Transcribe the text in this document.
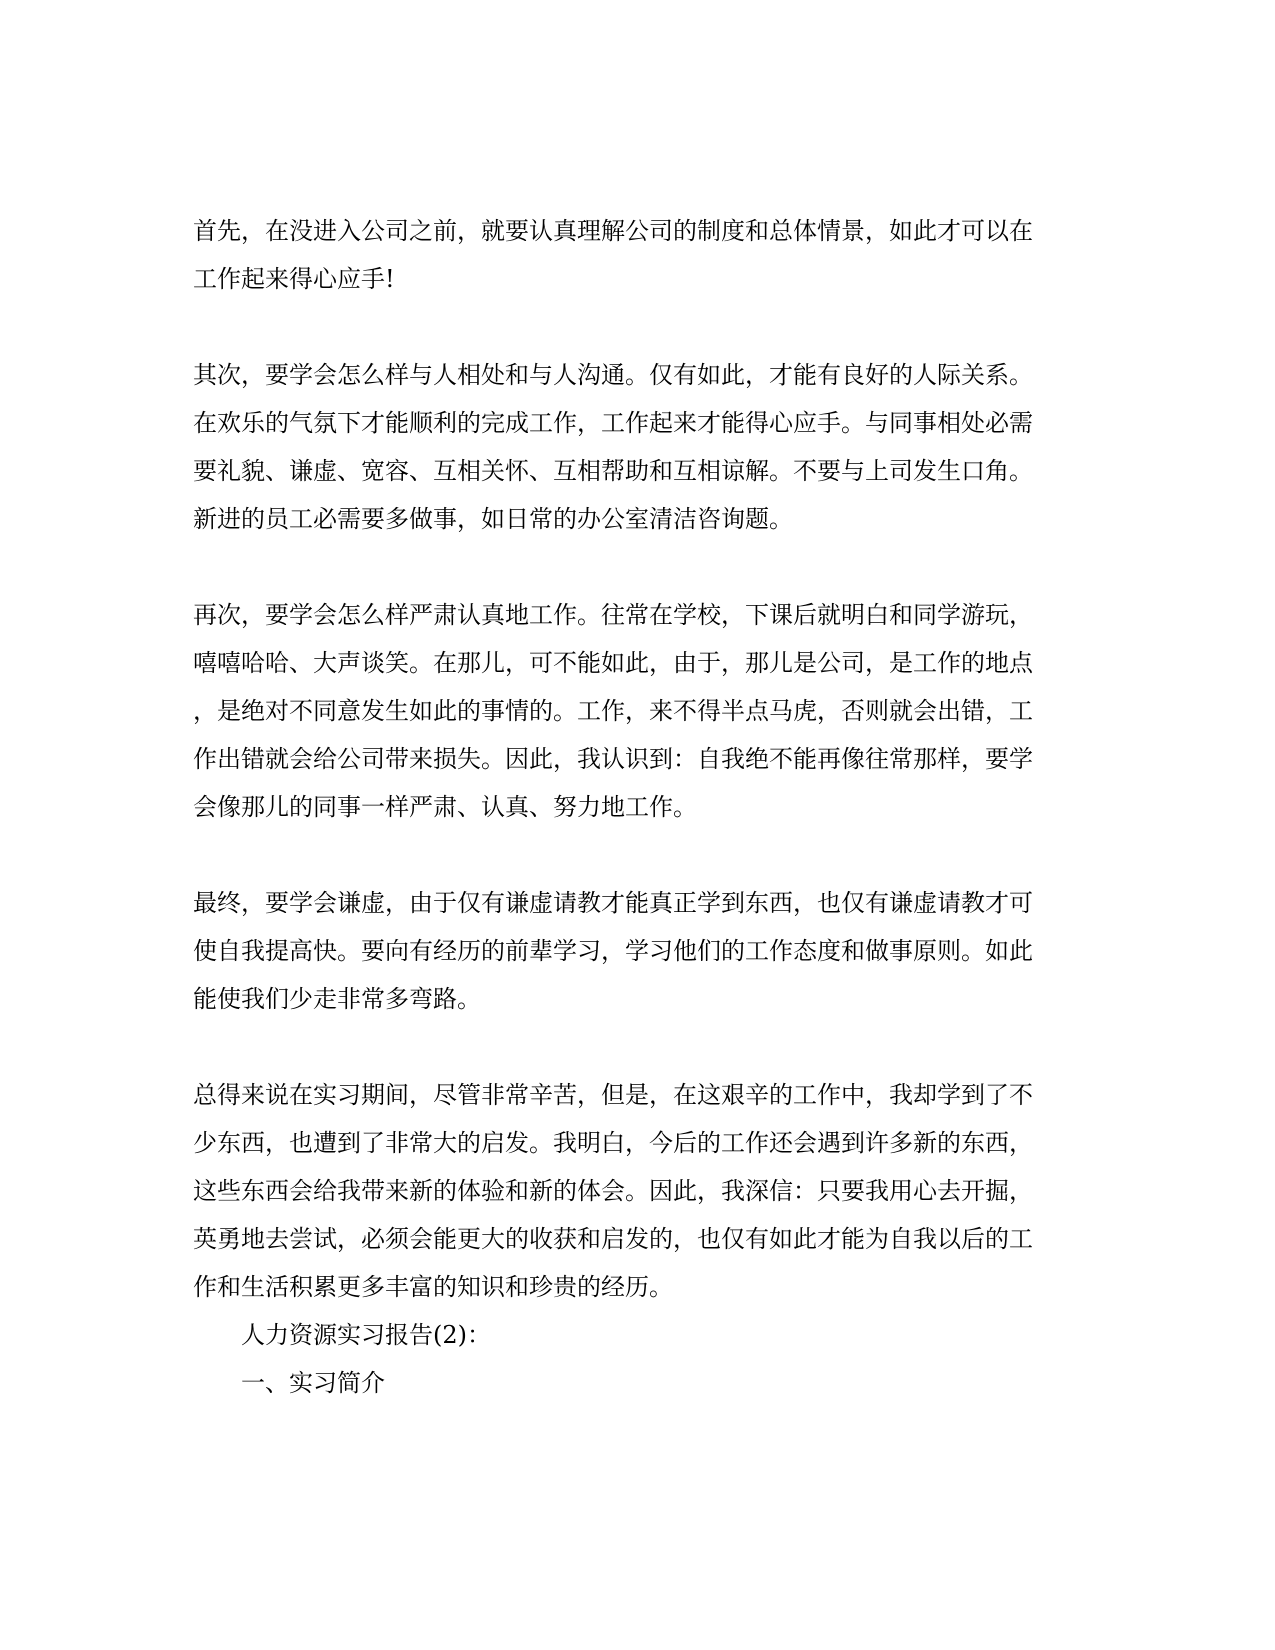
首先，在没进入公司之前，就要认真理解公司的制度和总体情景，如此才可以在
工作起来得心应手!

其次，要学会怎么样与人相处和与人沟通。仅有如此，才能有良好的人际关系。
在欢乐的气氛下才能顺利的完成工作，工作起来才能得心应手。与同事相处必需
要礼貌、谦虚、宽容、互相关怀、互相帮助和互相谅解。不要与上司发生口角。
新进的员工必需要多做事，如日常的办公室清洁咨询题。

再次，要学会怎么样严肃认真地工作。往常在学校，下课后就明白和同学游玩，
嘻嘻哈哈、大声谈笑。在那儿，可不能如此，由于，那儿是公司，是工作的地点
，是绝对不同意发生如此的事情的。工作，来不得半点马虎，否则就会出错，工
作出错就会给公司带来损失。因此，我认识到：自我绝不能再像往常那样，要学
会像那儿的同事一样严肃、认真、努力地工作。

最终，要学会谦虚，由于仅有谦虚请教才能真正学到东西，也仅有谦虚请教才可
使自我提高快。要向有经历的前辈学习，学习他们的工作态度和做事原则。如此
能使我们少走非常多弯路。

总得来说在实习期间，尽管非常辛苦，但是，在这艰辛的工作中，我却学到了不
少东西，也遭到了非常大的启发。我明白，今后的工作还会遇到许多新的东西，
这些东西会给我带来新的体验和新的体会。因此，我深信：只要我用心去开掘，
英勇地去尝试，必须会能更大的收获和启发的，也仅有如此才能为自我以后的工
作和生活积累更多丰富的知识和珍贵的经历。

人力资源实习报告(2)：

一、实习简介
